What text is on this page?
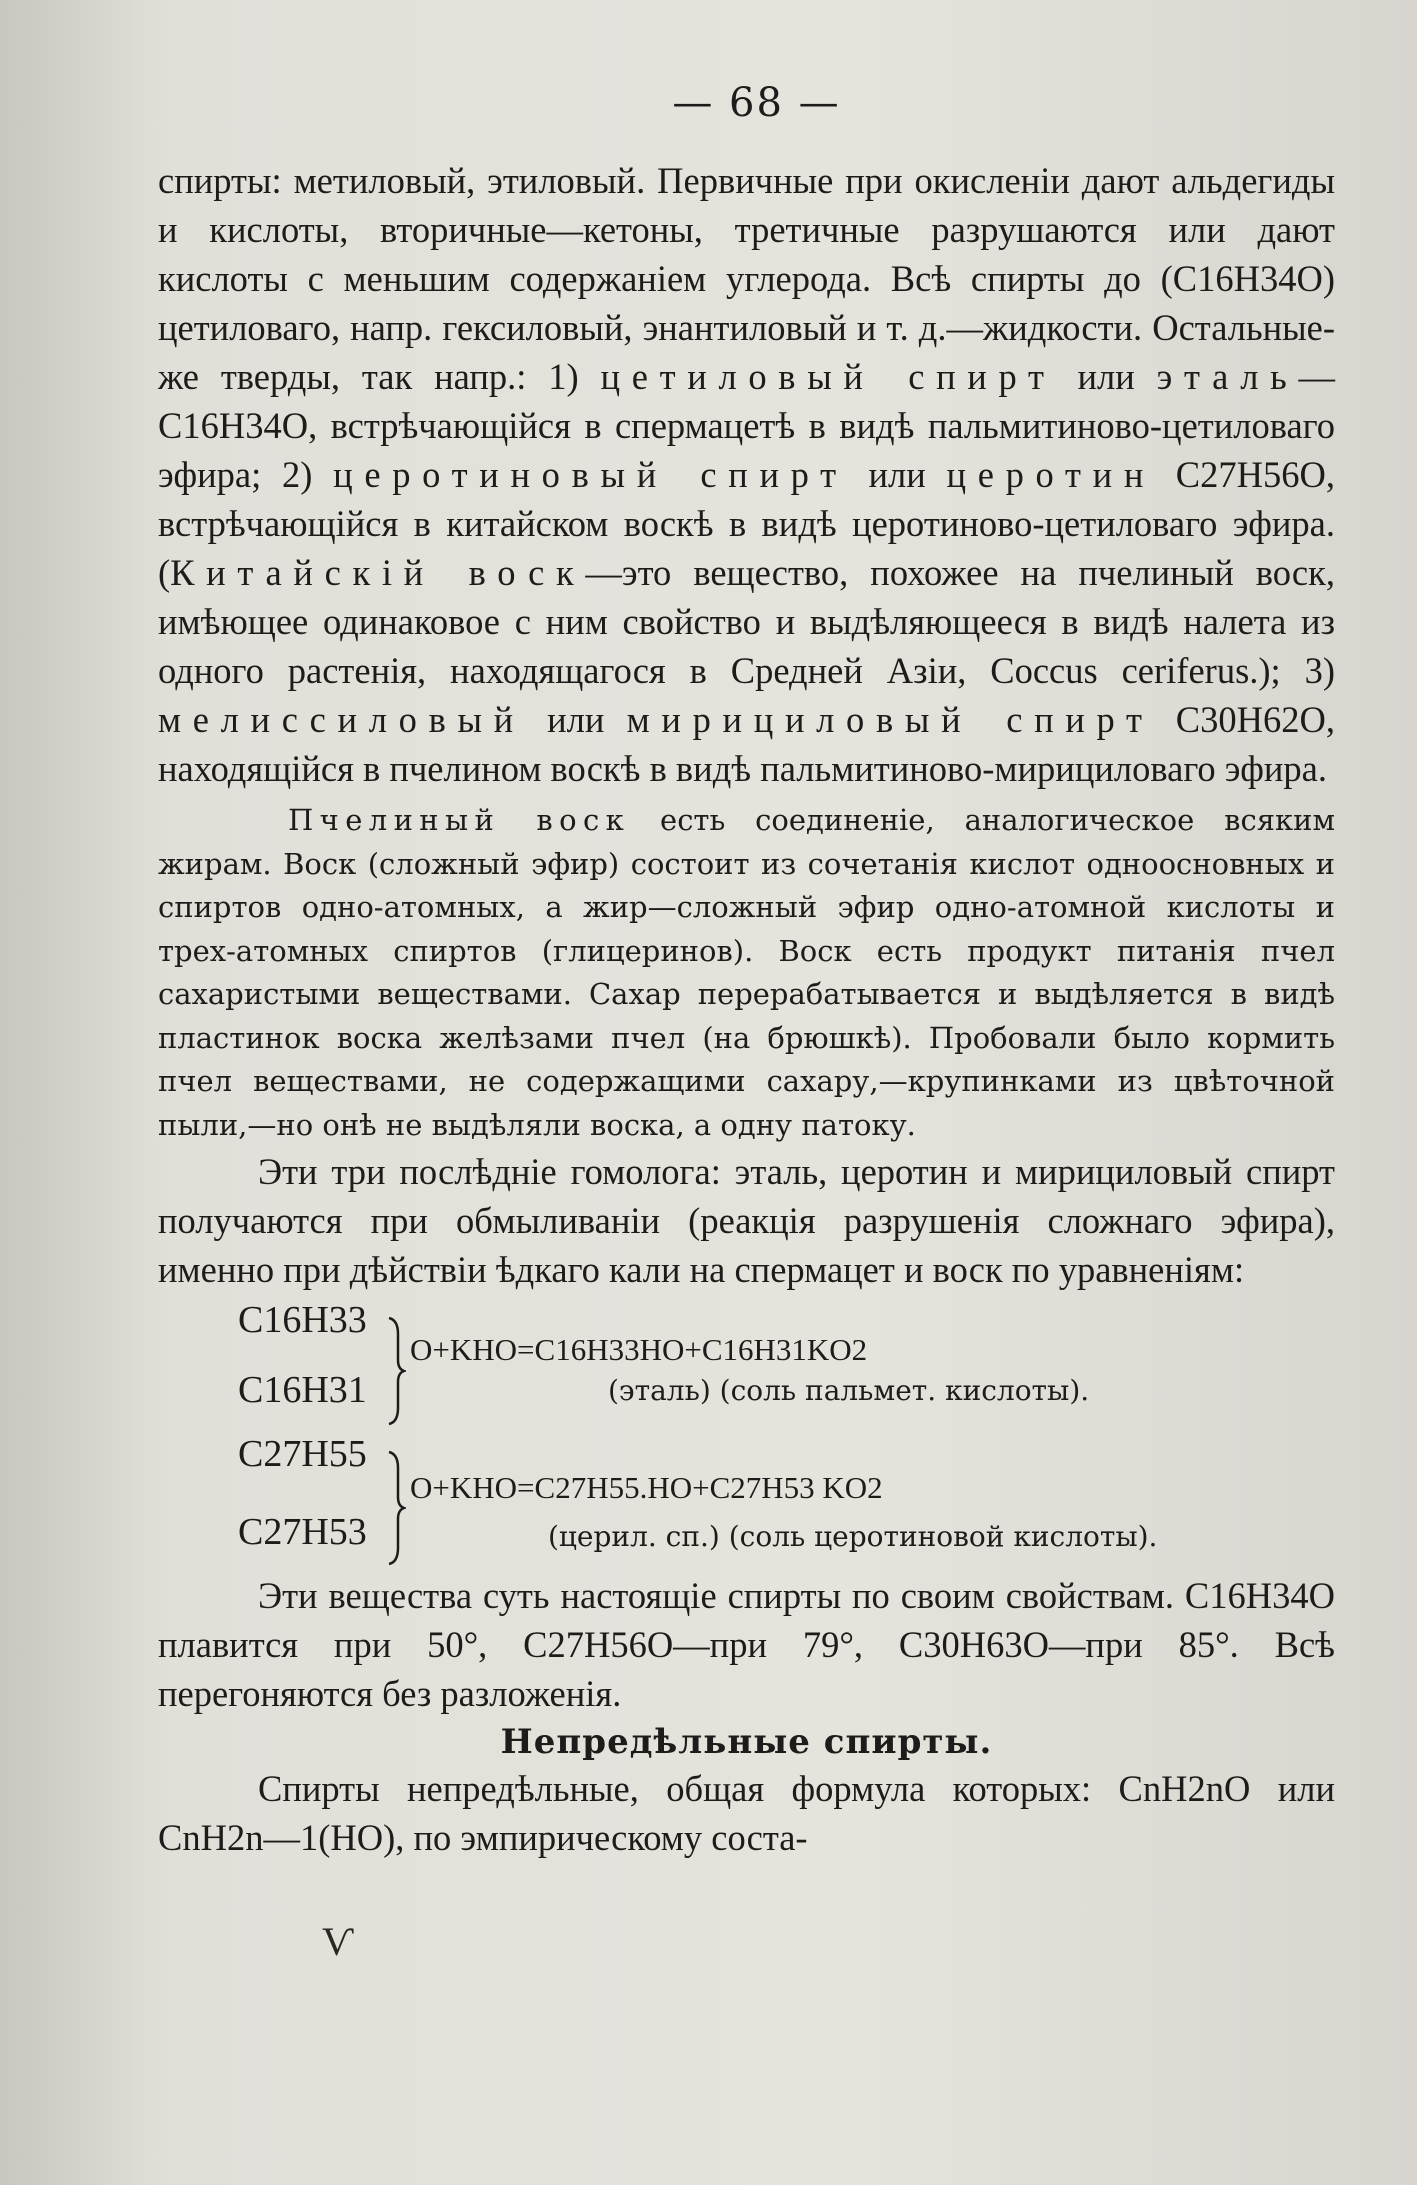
— 68 —

спирты: метиловый, этиловый. Первичные при окисленіи дают альдегиды и кислоты, вторичные—кетоны, третичные разрушаются или дают кислоты с меньшим содержанiем углерода. Всѣ спирты до (C16H34O) цетиловаго, напр. гексиловый, энантиловый и т. д.—жидкости. Остальные-же тверды, так напр.: 1) цетиловый спирт или эталь—C16H34O, встрѣчающійся в спермацетѣ в видѣ пальмитиново-цетиловаго эфира; 2) церотиновый спирт или церотин C27H56O, встрѣчающійся в китайском воскѣ в видѣ церотиново-цетиловаго эфира. (Китайскій воск—это вещество, похожее на пчелиный воск, имѣющее одинаковое с ним свойство и выдѣляющееся в видѣ налета из одного растенія, находящагося в Средней Азіи, Coccus ceriferus.); 3) мелиссиловый или мирициловый спирт C30H62O, находящійся в пчелином воскѣ в видѣ пальмитиново-мирициловаго эфира.

Пчелиный воск есть соединеніе, аналогическое всяким жирам. Воск (сложный эфир) состоит из сочетанія кислот одноосновных и спиртов одно-атомных, а жир—сложный эфир одно-атомной кислоты и трех-атомных спиртов (глицеринов). Воск есть продукт питанія пчел сахаристыми веществами. Сахар перерабатывается и выдѣляется в видѣ пластинок воска желѣзами пчел (на брюшкѣ). Пробовали было кормить пчел веществами, не содержащими сахару,—крупинками из цвѣточной пыли,—но онѣ не выдѣляли воска, а одну патоку.

Эти три послѣдніе гомолога: эталь, церотин и мирициловый спирт получаются при обмыливаніи (реакція разрушенія сложнаго эфира), именно при дѣйствіи ѣдкаго кали на спермацет и воск по уравненіям:

C16H33
C16H31
O+KHO=C16H33HO+C16H31KO2
(эталь) (соль пальмет. кислоты).
C27H55
C27H53
O+KHO=C27H55.HO+C27H53 KO2
(церил. сп.) (соль церотиновой кислоты).

Эти вещества суть настоящіе спирты по своим свойствам. C16H34O плавится при 50°, C27H56O—при 79°, C30H63O—при 85°. Всѣ перегоняются без разложенія.

Непредѣльные спирты.

Спирты непредѣльные, общая формула которых: CnH2nO или CnH2n—1(HO), по эмпирическому соста-

Ѵ
